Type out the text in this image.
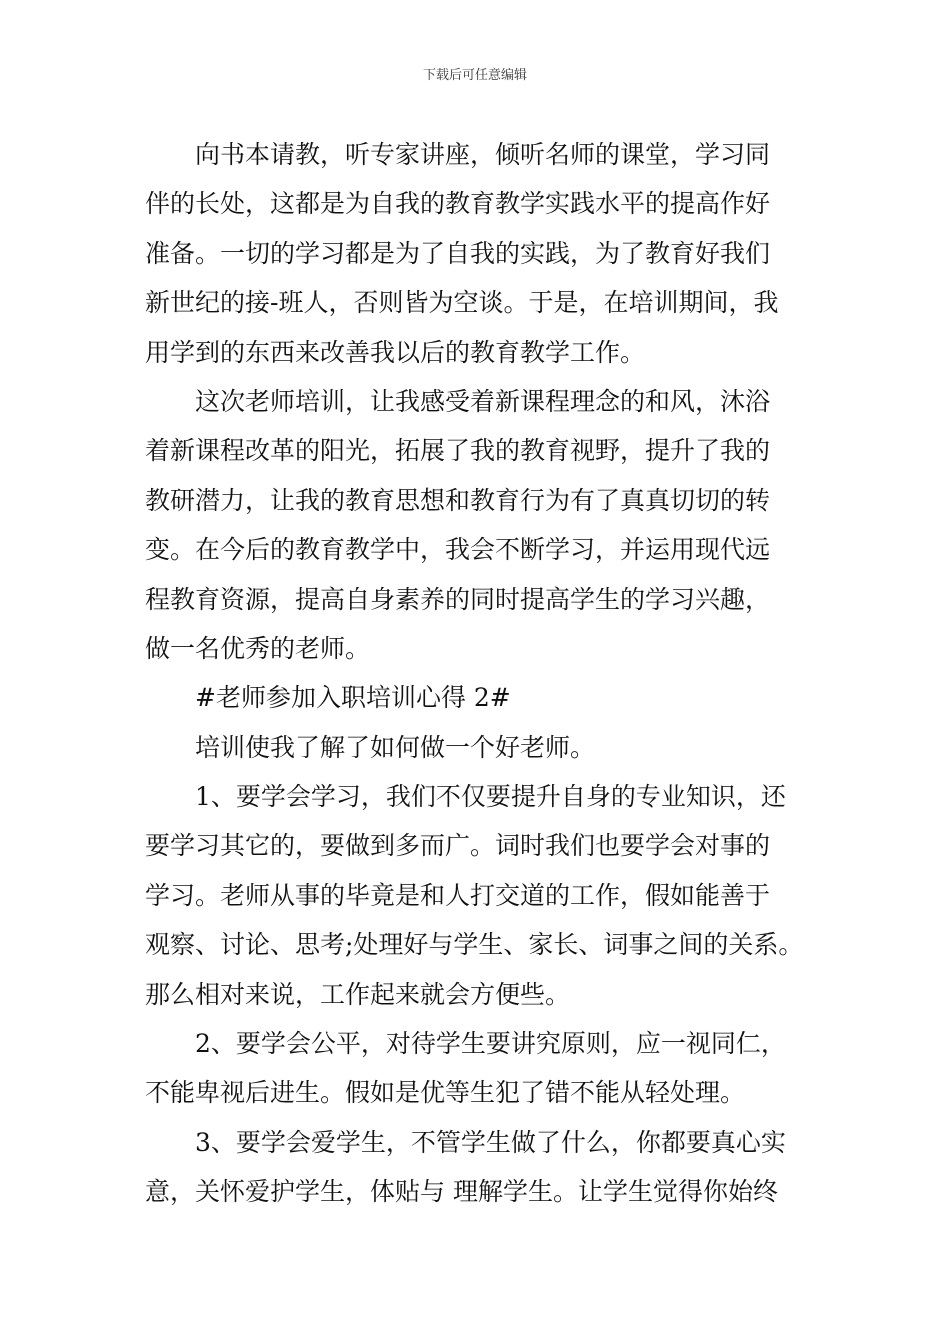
下载后可任意编辑
向书本请教，听专家讲座，倾听名师的课堂，学习同
伴的长处，这都是为自我的教育教学实践水平的提高作好
准备。一切的学习都是为了自我的实践，为了教育好我们
新世纪的接-班人，否则皆为空谈。于是，在培训期间，我
用学到的东西来改善我以后的教育教学工作。
这次老师培训，让我感受着新课程理念的和风，沐浴
着新课程改革的阳光，拓展了我的教育视野，提升了我的
教研潜力，让我的教育思想和教育行为有了真真切切的转
变。在今后的教育教学中，我会不断学习，并运用现代远
程教育资源，提高自身素养的同时提高学生的学习兴趣，
做一名优秀的老师。
#老师参加入职培训心得 2#
培训使我了解了如何做一个好老师。
1、要学会学习，我们不仅要提升自身的专业知识，还
要学习其它的，要做到多而广。词时我们也要学会对事的
学习。老师从事的毕竟是和人打交道的工作，假如能善于
观察、讨论、思考;处理好与学生、家长、词事之间的关系。
那么相对来说，工作起来就会方便些。
2、要学会公平，对待学生要讲究原则，应一视同仁，
不能卑视后进生。假如是优等生犯了错不能从轻处理。
3、要学会爱学生，不管学生做了什么，你都要真心实
意，关怀爱护学生，体贴与 理解学生。让学生觉得你始终
